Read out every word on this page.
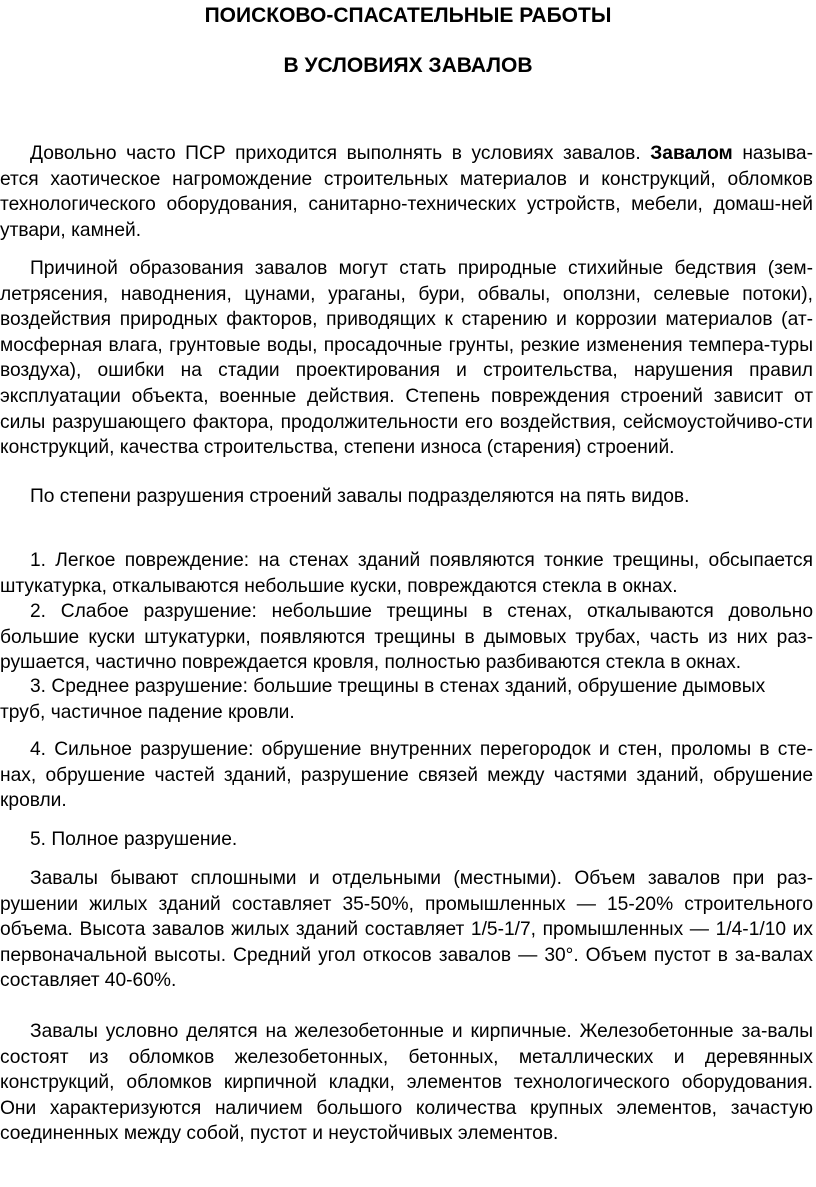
ПОИСКОВО-СПАСАТЕЛЬНЫЕ РАБОТЫ
В УСЛОВИЯХ ЗАВАЛОВ

Довольно часто ПСР приходится выполнять в условиях завалов. Завалом называ-ется хаотическое нагромождение строительных материалов и конструкций, обломков технологического оборудования, санитарно-технических устройств, мебели, домаш-ней утвари, камней.

Причиной образования завалов могут стать природные стихийные бедствия (зем-летрясения, наводнения, цунами, ураганы, бури, обвалы, оползни, селевые потоки), воздействия природных факторов, приводящих к старению и коррозии материалов (ат-мосферная влага, грунтовые воды, просадочные грунты, резкие изменения темпера-туры воздуха), ошибки на стадии проектирования и строительства, нарушения правил эксплуатации объекта, военные действия. Степень повреждения строений зависит от силы разрушающего фактора, продолжительности его воздействия, сейсмоустойчиво-сти конструкций, качества строительства, степени износа (старения) строений.

По степени разрушения строений завалы подразделяются на пять видов.

1. Легкое повреждение: на стенах зданий появляются тонкие трещины, обсыпается штукатурка, откалываются небольшие куски, повреждаются стекла в окнах.

2. Слабое разрушение: небольшие трещины в стенах, откалываются довольно большие куски штукатурки, появляются трещины в дымовых трубах, часть из них раз-рушается, частично повреждается кровля, полностью разбиваются стекла в окнах.

3. Среднее разрушение: большие трещины в стенах зданий, обрушение дымовых труб, частичное падение кровли.

4. Сильное разрушение: обрушение внутренних перегородок и стен, проломы в сте-нах, обрушение частей зданий, разрушение связей между частями зданий, обрушение кровли.

5. Полное разрушение.

Завалы бывают сплошными и отдельными (местными). Объем завалов при раз-рушении жилых зданий составляет 35-50%, промышленных — 15-20% строительного объема. Высота завалов жилых зданий составляет 1/5-1/7, промышленных — 1/4-1/10 их первоначальной высоты. Средний угол откосов завалов — 30°. Объем пустот в за-валах составляет 40-60%.

Завалы условно делятся на железобетонные и кирпичные. Железобетонные за-валы состоят из обломков железобетонных, бетонных, металлических и деревянных конструкций, обломков кирпичной кладки, элементов технологического оборудования. Они характеризуются наличием большого количества крупных элементов, зачастую соединенных между собой, пустот и неустойчивых элементов.
